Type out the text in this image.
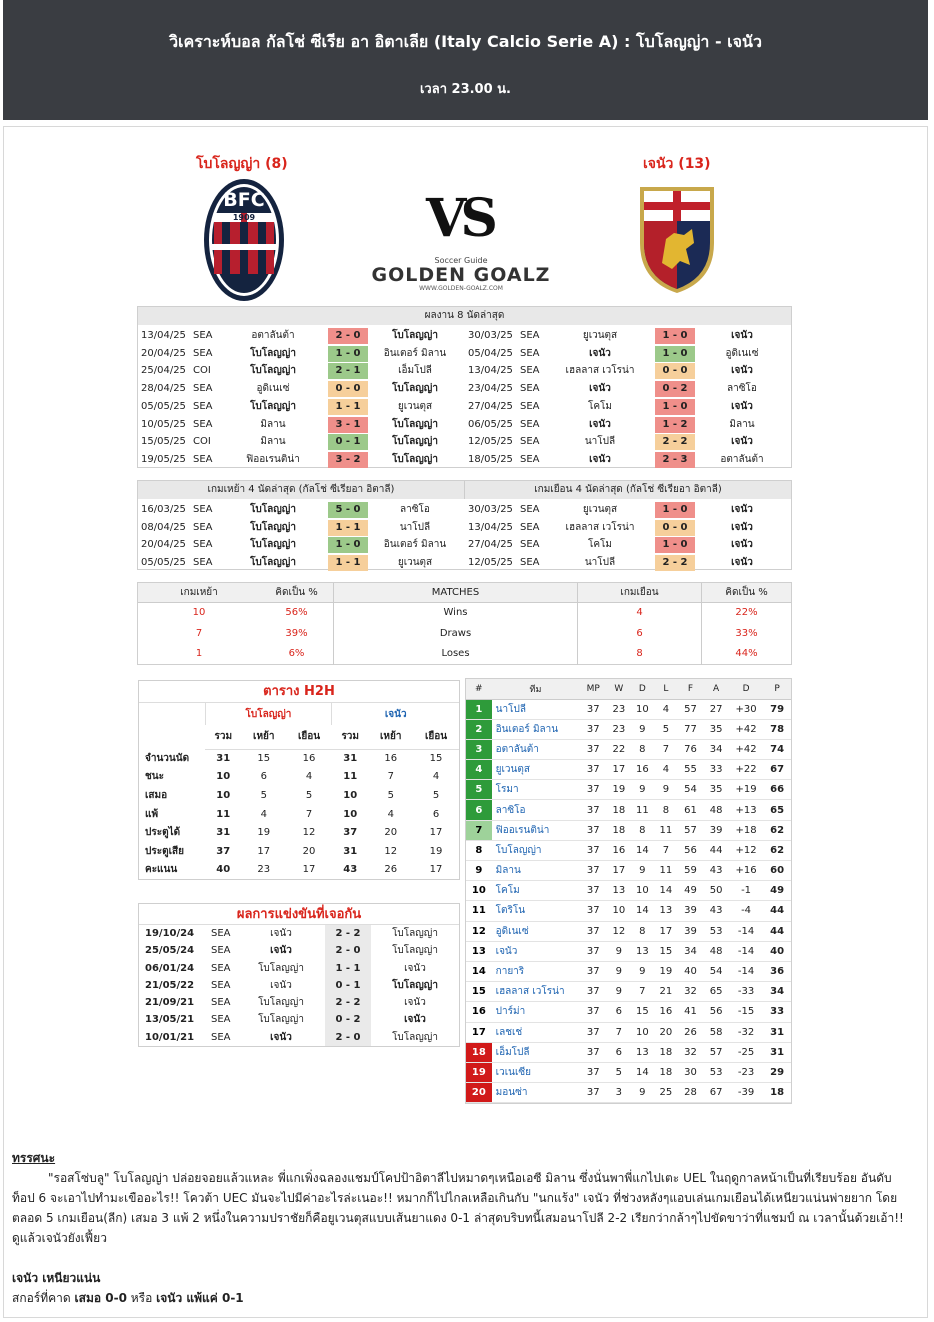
วิเคราะห์บอล กัลโช่ ซีเรีย อา อิตาเลีย (Italy Calcio Serie A) : โบโลญญ่า - เจนัว
เวลา 23.00 น.
โบโลญญ่า (8)	เจนัว (13)
BFC
1909	VS
Soccer Guide
GOLDEN GOALZ
WWW.GOLDEN-GOALZ.COM
ผลงาน 8 นัดล่าสุด
13/04/25 SEA	อตาลันต้า	2 - 0	โบโลญญ่า	30/03/25 SEA	ยูเวนตุส	1 - 0	เจนัว
20/04/25 SEA	โบโลญญ่า	1 - 0	อินเตอร์ มิลาน	05/04/25 SEA	เจนัว	1 - 0	อูดิเนเซ่
25/04/25 COI	โบโลญญ่า	2 - 1	เอ็มโปลี	13/04/25 SEA	เฮลลาส เวโรน่า	0 - 0	เจนัว
28/04/25 SEA	อูดิเนเซ่	0 - 0	โบโลญญ่า	23/04/25 SEA	เจนัว	0 - 2	ลาซิโอ
05/05/25 SEA	โบโลญญ่า	1 - 1	ยูเวนตุส	27/04/25 SEA	โคโม	1 - 0	เจนัว
10/05/25 SEA	มิลาน	3 - 1	โบโลญญ่า	06/05/25 SEA	เจนัว	1 - 2	มิลาน
15/05/25 COI	มิลาน	0 - 1	โบโลญญ่า	12/05/25 SEA	นาโปลี	2 - 2	เจนัว
19/05/25 SEA	ฟิออเรนติน่า	3 - 2	โบโลญญ่า	18/05/25 SEA	เจนัว	2 - 3	อตาลันต้า
เกมเหย้า 4 นัดล่าสุด (กัลโช่ ซีเรียอา อิตาลี)	เกมเยือน 4 นัดล่าสุด (กัลโช่ ซีเรียอา อิตาลี)
16/03/25 SEA	โบโลญญ่า	5 - 0	ลาซิโอ	30/03/25 SEA	ยูเวนตุส	1 - 0	เจนัว
08/04/25 SEA	โบโลญญ่า	1 - 1	นาโปลี	13/04/25 SEA	เฮลลาส เวโรน่า	0 - 0	เจนัว
20/04/25 SEA	โบโลญญ่า	1 - 0	อินเตอร์ มิลาน	27/04/25 SEA	โคโม	1 - 0	เจนัว
05/05/25 SEA	โบโลญญ่า	1 - 1	ยูเวนตุส	12/05/25 SEA	นาโปลี	2 - 2	เจนัว
เกมเหย้า	คิดเป็น %	MATCHES	เกมเยือน	คิดเป็น %
10	56%	Wins	4	22%
7	39%	Draws	6	33%
1	6%	Loses	8	44%
ตาราง H2H
	โบโลญญ่า			เจนัว		
	รวม	เหย้า	เยือน	รวม	เหย้า	เยือน
จำนวนนัด	31	15	16	31	16	15
ชนะ	10	6	4	11	7	4
เสมอ	10	5	5	10	5	5
แพ้	11	4	7	10	4	6
ประตูได้	31	19	12	37	20	17
ประตูเสีย	37	17	20	31	12	19
คะแนน	40	23	17	43	26	17
ผลการแข่งขันที่เจอกัน
19/10/24 SEA	เจนัว	2 - 2	โบโลญญ่า
25/05/24 SEA	เจนัว	2 - 0	โบโลญญ่า
06/01/24 SEA	โบโลญญ่า	1 - 1	เจนัว
21/05/22 SEA	เจนัว	0 - 1	โบโลญญ่า
21/09/21 SEA	โบโลญญ่า	2 - 2	เจนัว
13/05/21 SEA	โบโลญญ่า	0 - 2	เจนัว
10/01/21 SEA	เจนัว	2 - 0	โบโลญญ่า
#	ทีม	MP	W	D	L	F	A	D	P
1	นาโปลี	37	23	10	4	57	27	+30	79
2	อินเตอร์ มิลาน	37	23	9	5	77	35	+42	78
3	อตาลันต้า	37	22	8	7	76	34	+42	74
4	ยูเวนตุส	37	17	16	4	55	33	+22	67
5	โรมา	37	19	9	9	54	35	+19	66
6	ลาซิโอ	37	18	11	8	61	48	+13	65
7	ฟิออเรนติน่า	37	18	8	11	57	39	+18	62
8	โบโลญญ่า	37	16	14	7	56	44	+12	62
9	มิลาน	37	17	9	11	59	43	+16	60
10	โคโม	37	13	10	14	49	50	-1	49
11	โตริโน	37	10	14	13	39	43	-4	44
12	อูดิเนเซ่	37	12	8	17	39	53	-14	44
13	เจนัว	37	9	13	15	34	48	-14	40
14	กายาริ	37	9	9	19	40	54	-14	36
15	เฮลลาส เวโรน่า	37	9	7	21	32	65	-33	34
16	ปาร์ม่า	37	6	15	16	41	56	-15	33
17	เลชเช่	37	7	10	20	26	58	-32	31
18	เอ็มโปลี	37	6	13	18	32	57	-25	31
19	เวเนเซีย	37	5	14	18	30	53	-23	29
20	มอนซ่า	37	3	9	25	28	67	-39	18
ทรรศนะ
"รอสโซ่บลู" โบโลญญ่า ปล่อยจอยแล้วแหละ พี่แกเพิ่งฉลองแชมป์โคปป้าอิตาลีไปหมาดๆเหนือเอซี มิลาน ซึ่งนั่นพาพี่แกไปเตะ UEL ในฤดูกาลหน้าเป็นที่เรียบร้อย อันดับท็อป 6 จะเอาไปทำมะเขืออะไร!! โควต้า UEC มันจะไปมีค่าอะไรล่ะเนอะ!! หมากก็ไปไกลเหลือเกินกับ "นกแร้ง" เจนัว ที่ช่วงหลังๆแอบเล่นเกมเยือนได้เหนียวแน่นพ่ายยาก โดยตลอด 5 เกมเยือน(ลีก) เสมอ 3 แพ้ 2 หนึ่งในความปราชัยก็คือยูเวนตุสแบบเส้นยาแดง 0-1 ล่าสุดบริบทนี้เสมอนาโปลี 2-2 เรียกว่ากล้าๆไปขัดขาว่าที่แชมป์ ณ เวลานั้นด้วยเอ้า!! ดูแล้วเจนัวยังเฟี้ยว
เจนัว เหนียวแน่น
สกอร์ที่คาด เสมอ 0-0 หรือ เจนัว แพ้แค่ 0-1
